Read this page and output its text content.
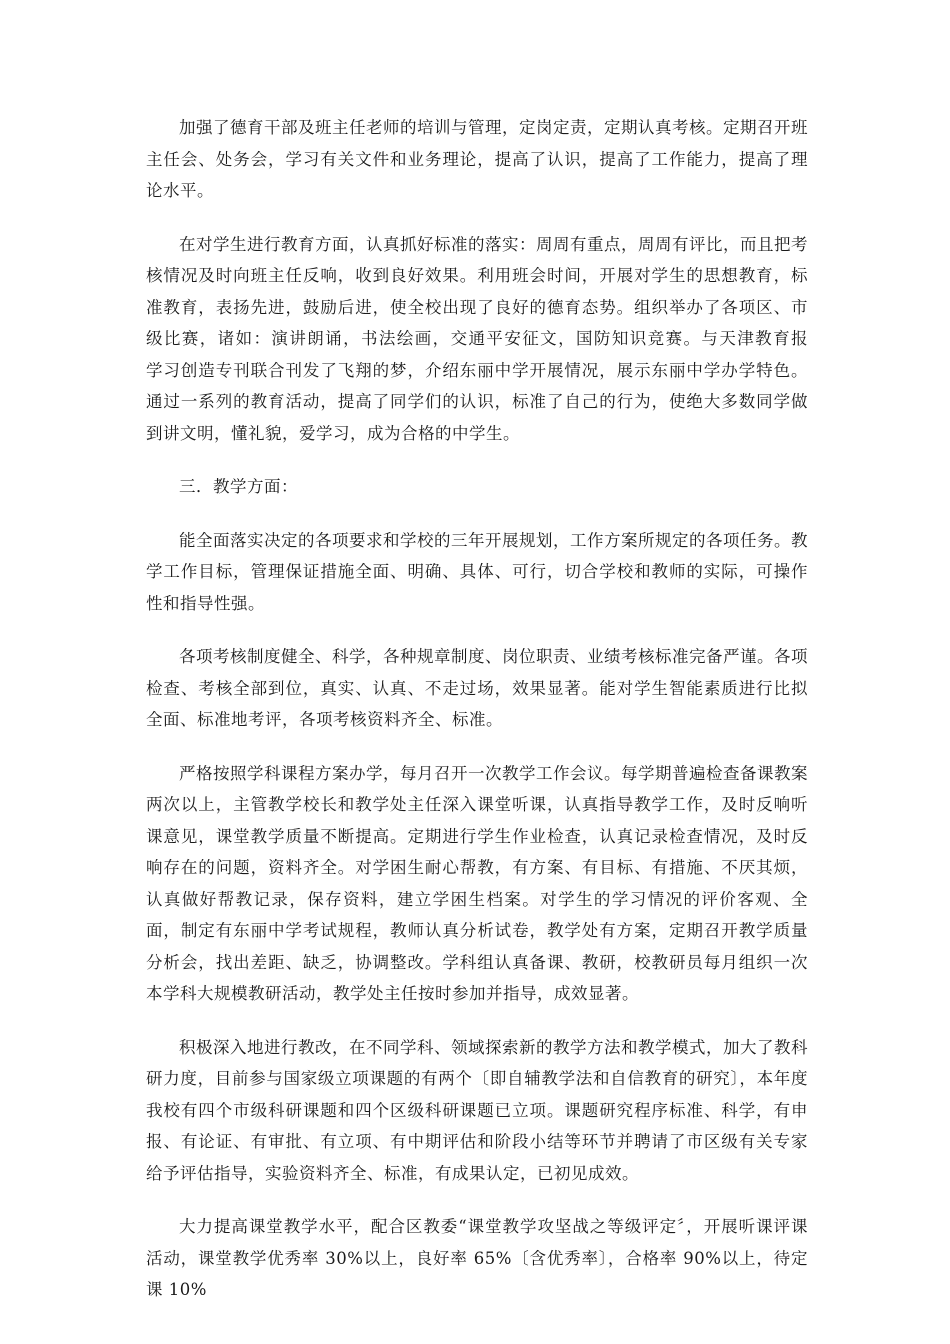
加强了德育干部及班主任老师的培训与管理，定岗定责，定期认真考核。定期召开班主任会、处务会，学习有关文件和业务理论，提高了认识，提高了工作能力，提高了理论水平。

在对学生进行教育方面，认真抓好标准的落实：周周有重点，周周有评比，而且把考核情况及时向班主任反响，收到良好效果。利用班会时间，开展对学生的思想教育，标准教育，表扬先进，鼓励后进，使全校出现了良好的德育态势。组织举办了各项区、市级比赛，诸如：演讲朗诵，书法绘画，交通平安征文，国防知识竞赛。与天津教育报　学习创造专刊联合刊发了飞翔的梦，介绍东丽中学开展情况，展示东丽中学办学特色。通过一系列的教育活动，提高了同学们的认识，标准了自己的行为，使绝大多数同学做到讲文明，懂礼貌，爱学习，成为合格的中学生。

三．教学方面：

能全面落实决定的各项要求和学校的三年开展规划，工作方案所规定的各项任务。教学工作目标，管理保证措施全面、明确、具体、可行，切合学校和教师的实际，可操作性和指导性强。

各项考核制度健全、科学，各种规章制度、岗位职责、业绩考核标准完备严谨。各项检查、考核全部到位，真实、认真、不走过场，效果显著。能对学生智能素质进行比拟全面、标准地考评，各项考核资料齐全、标准。

严格按照学科课程方案办学，每月召开一次教学工作会议。每学期普遍检查备课教案两次以上，主管教学校长和教学处主任深入课堂听课，认真指导教学工作，及时反响听课意见，课堂教学质量不断提高。定期进行学生作业检查，认真记录检查情况，及时反响存在的问题，资料齐全。对学困生耐心帮教，有方案、有目标、有措施、不厌其烦，认真做好帮教记录，保存资料，建立学困生档案。对学生的学习情况的评价客观、全面，制定有东丽中学考试规程，教师认真分析试卷，教学处有方案，定期召开教学质量分析会，找出差距、缺乏，协调整改。学科组认真备课、教研，校教研员每月组织一次本学科大规模教研活动，教学处主任按时参加并指导，成效显著。

积极深入地进行教改，在不同学科、领域探索新的教学方法和教学模式，加大了教科研力度，目前参与国家级立项课题的有两个〔即自辅教学法和自信教育的研究〕，本年度我校有四个市级科研课题和四个区级科研课题已立项。课题研究程序标准、科学，有申报、有论证、有审批、有立项、有中期评估和阶段小结等环节并聘请了市区级有关专家给予评估指导，实验资料齐全、标准，有成果认定，已初见成效。

大力提高课堂教学水平，配合区教委“课堂教学攻坚战之等级评定〞，开展听课评课活动，课堂教学优秀率 30%以上，良好率 65%〔含优秀率〕，合格率 90%以上，待定课 10%
